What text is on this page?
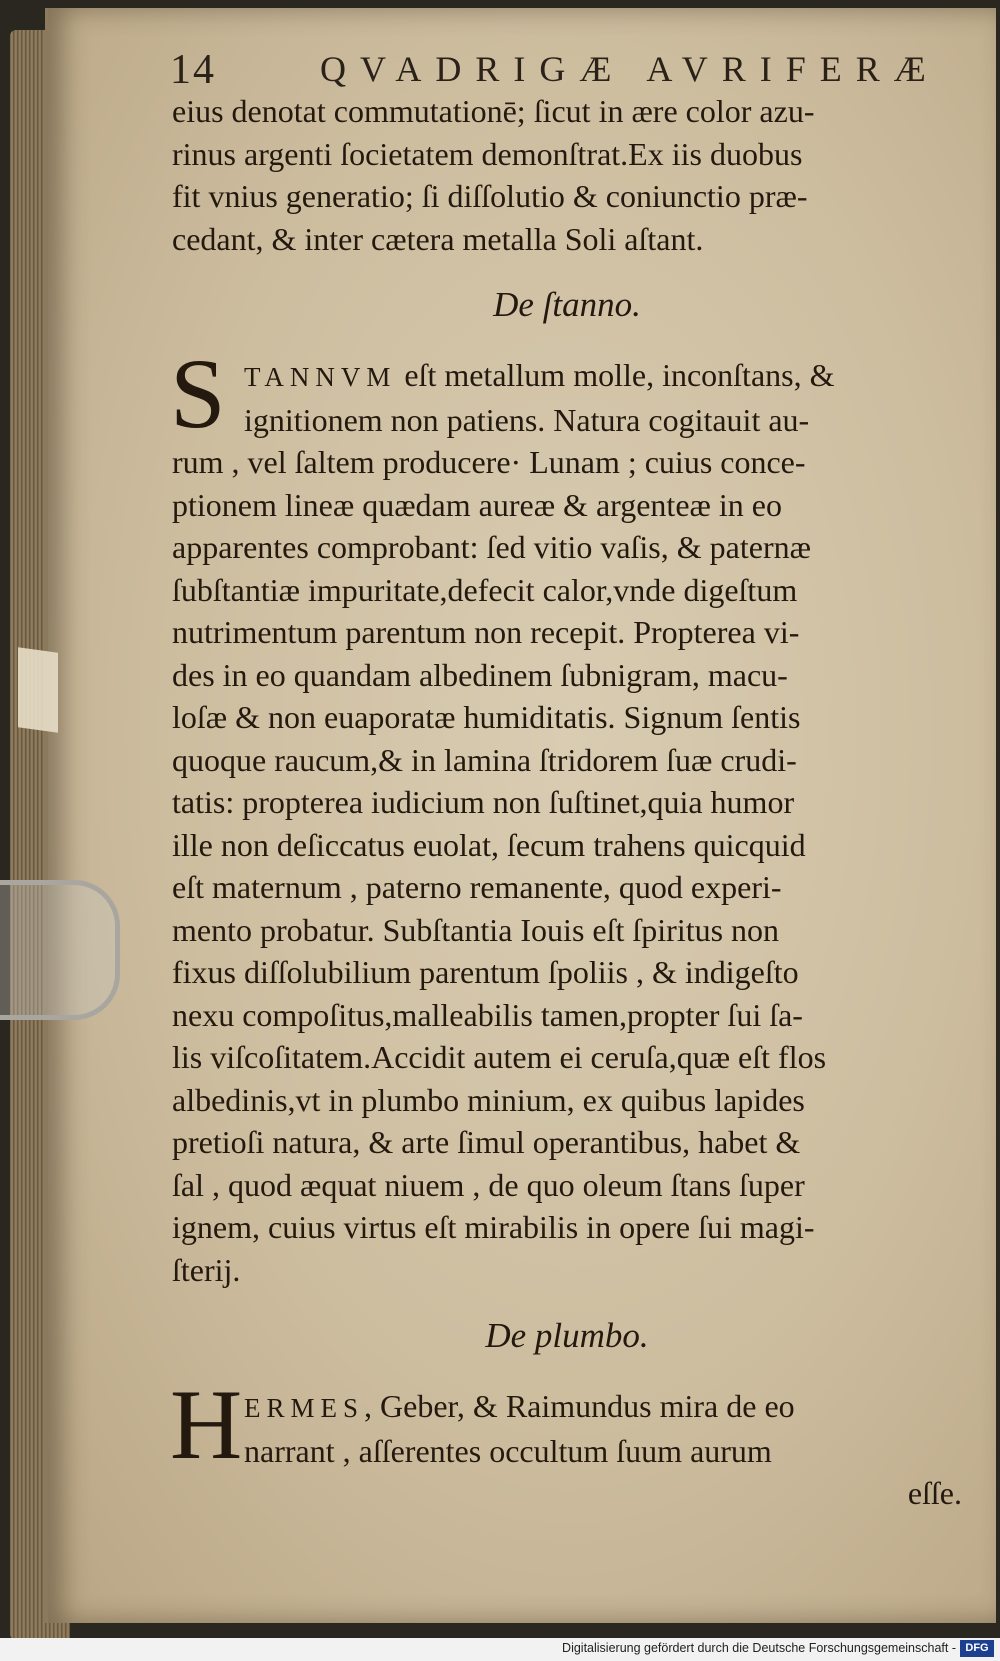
14	QVADRIGÆ AVRIFERÆ
eius denotat commutationē; ſicut in ære color azu-
rinus argenti ſocietatem demonſtrat.Ex iis duobus
fit vnius generatio; ſi diſſolutio & coniunctio præ-
cedant, & inter cætera metalla Soli aſtant.
De ſtanno.
S TANNVM eſt metallum molle, inconſtans, &
ignitionem non patiens. Natura cogitauit au-
rum , vel ſaltem producere· Lunam ; cuius conce-
ptionem lineæ quædam aureæ & argenteæ in eo
apparentes comprobant: ſed vitio vaſis, & paternæ
ſubſtantiæ impuritate,defecit calor,vnde digeſtum
nutrimentum parentum non recepit. Propterea vi-
des in eo quandam albedinem ſubnigram, macu-
loſæ & non euaporatæ humiditatis. Signum ſentis
quoque raucum,& in lamina ſtridorem ſuæ crudi-
tatis: propterea iudicium non ſuſtinet,quia humor
ille non deſiccatus euolat, ſecum trahens quicquid
eſt maternum , paterno remanente, quod experi-
mento probatur. Subſtantia Iouis eſt ſpiritus non
fixus diſſolubilium parentum ſpoliis , & indigeſto
nexu compoſitus,malleabilis tamen,propter ſui ſa-
lis viſcoſitatem.Accidit autem ei ceruſa,quæ eſt flos
albedinis,vt in plumbo minium, ex quibus lapides
pretioſi natura, & arte ſimul operantibus, habet &
ſal , quod æquat niuem , de quo oleum ſtans ſuper
ignem, cuius virtus eſt mirabilis in opere ſui magi-
ſterij.
De plumbo.
H ERMES, Geber, & Raimundus mira de eo
narrant , aſſerentes occultum ſuum aurum
eſſe.
Digitalisierung gefördert durch die Deutsche Forschungsgemeinschaft - DFG
